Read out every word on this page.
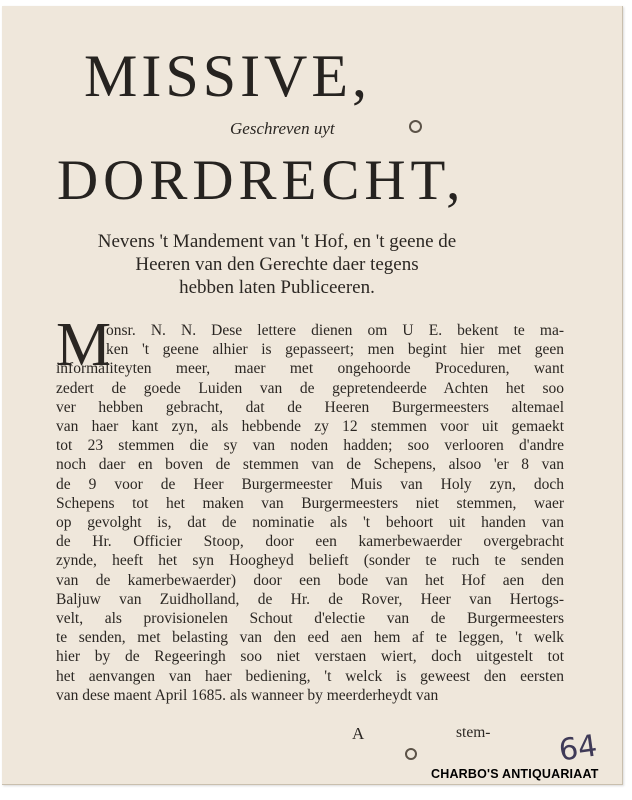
MISSIVE,
Geschreven uyt
DORDRECHT,
Nevens 't Mandement van 't Hof, en 't geene de
Heeren van den Gerechte daer tegens
hebben laten Publiceeren.
M
onsr. N. N. Dese lettere dienen om U E. bekent te ma-
ken 't geene alhier is gepasseert; men begint hier met geen
informaliteyten meer, maer met ongehoorde Proceduren, want
zedert de goede Luiden van de gepretendeerde Achten het soo
ver hebben gebracht, dat de Heeren Burgermeesters altemael
van haer kant zyn, als hebbende zy 12 stemmen voor uit gemaekt
tot 23 stemmen die sy van noden hadden; soo verlooren d'andre
noch daer en boven de stemmen van de Schepens, alsoo 'er 8 van
de 9 voor de Heer Burgermeester Muis van Holy zyn, doch
Schepens tot het maken van Burgermeesters niet stemmen, waer
op gevolght is, dat de nominatie als 't behoort uit handen van
de Hr. Officier Stoop, door een kamerbewaerder overgebracht
zynde, heeft het syn Hoogheyd belieft (sonder te ruch te senden
van de kamerbewaerder) door een bode van het Hof aen den
Baljuw van Zuidholland, de Hr. de Rover, Heer van Hertogs-
velt, als provisionelen Schout d'electie van de Burgermeesters
te senden, met belasting van den eed aen hem af te leggen, 't welk
hier by de Regeeringh soo niet verstaen wiert, doch uitgestelt tot
het aenvangen van haer bediening, 't welck is geweest den eersten
van dese maent April 1685. als wanneer by meerderheydt van
A	stem- 64
CHARBO'S ANTIQUARIAAT
